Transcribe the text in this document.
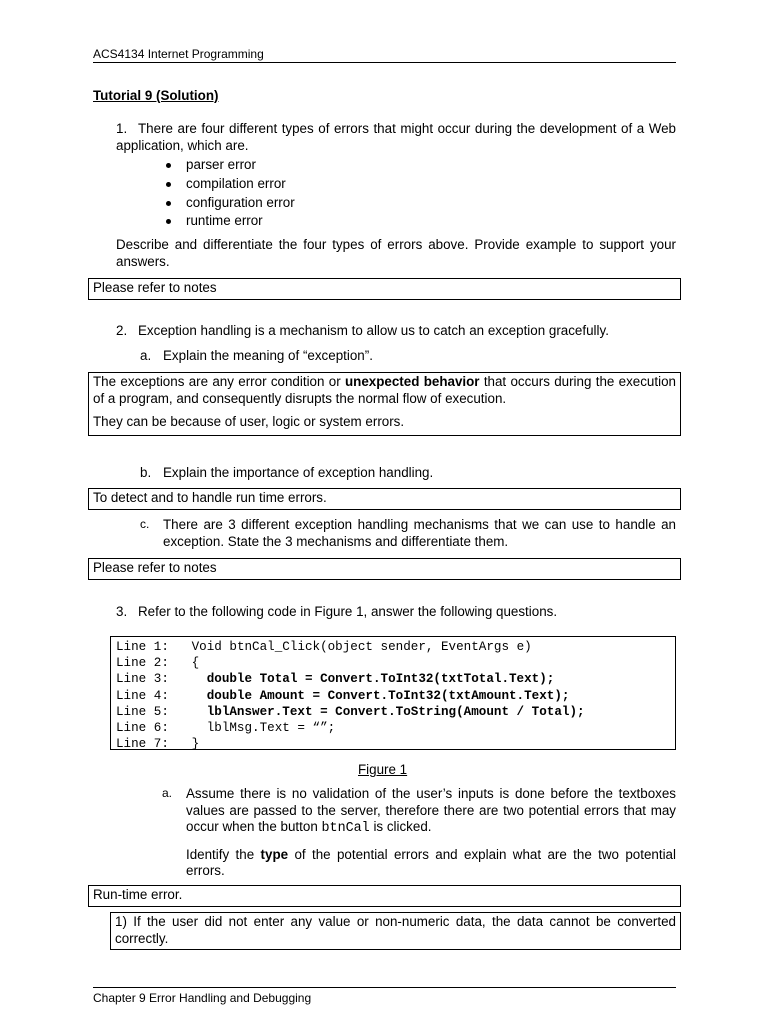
ACS4134 Internet Programming
Tutorial 9 (Solution)
1. There are four different types of errors that might occur during the development of a Web application, which are.
parser error
compilation error
configuration error
runtime error
Describe and differentiate the four types of errors above. Provide example to support your answers.
Please refer to notes
2. Exception handling is a mechanism to allow us to catch an exception gracefully.
a. Explain the meaning of “exception”.
The exceptions are any error condition or unexpected behavior that occurs during the execution of a program, and consequently disrupts the normal flow of execution.
They can be because of user, logic or system errors.
b. Explain the importance of exception handling.
To detect and to handle run time errors.
c. There are 3 different exception handling mechanisms that we can use to handle an exception. State the 3 mechanisms and differentiate them.
Please refer to notes
3. Refer to the following code in Figure 1, answer the following questions.
Line 1: Void btnCal_Click(object sender, EventArgs e)
Line 2: {
Line 3:	double Total = Convert.ToInt32(txtTotal.Text);
Line 4:	double Amount = Convert.ToInt32(txtAmount.Text);
Line 5:	lblAnswer.Text = Convert.ToString(Amount / Total);
Line 6:	lblMsg.Text = “”;
Line 7: }
Figure 1
a. Assume there is no validation of the user’s inputs is done before the textboxes values are passed to the server, therefore there are two potential errors that may occur when the button btnCal is clicked.
Identify the type of the potential errors and explain what are the two potential errors.
Run-time error.
1) If the user did not enter any value or non-numeric data, the data cannot be converted correctly.
Chapter 9 Error Handling and Debugging
